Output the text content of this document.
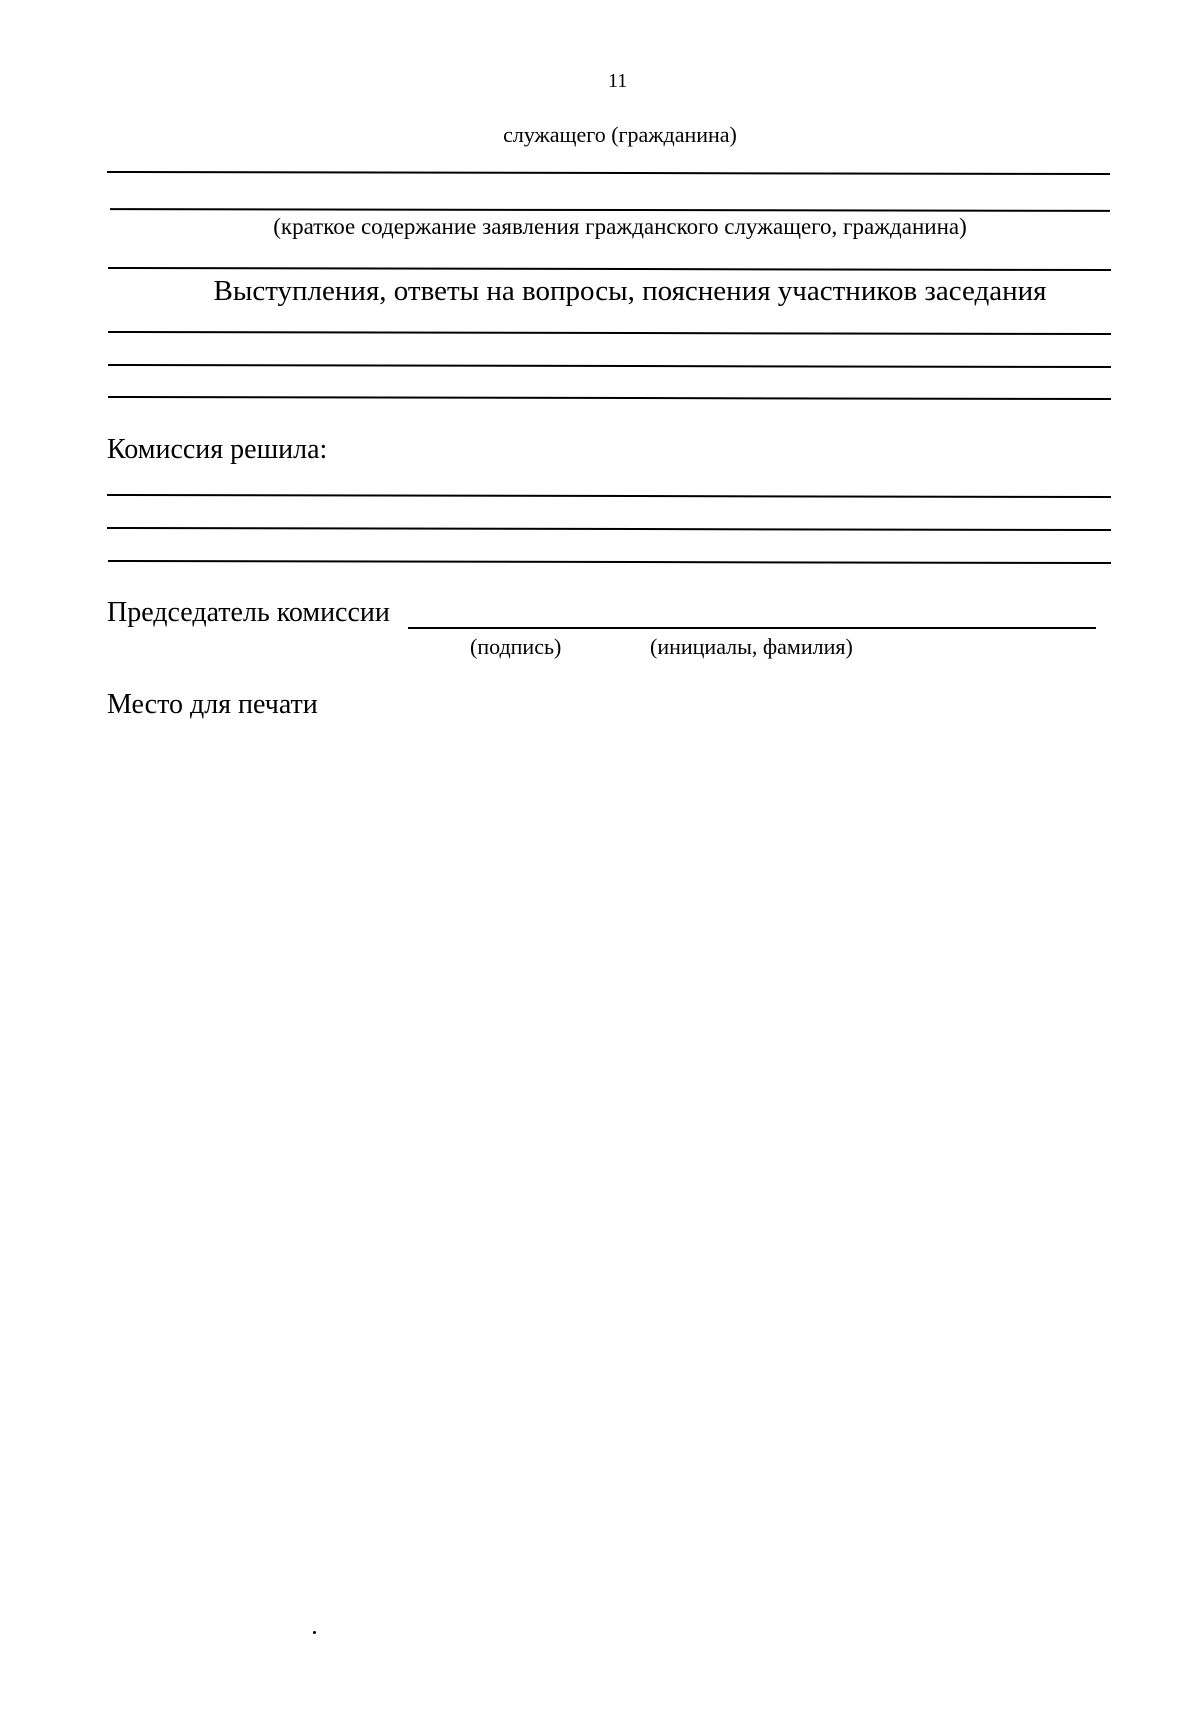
11
служащего (гражданина)
(краткое содержание заявления гражданского служащего, гражданина)
Выступления, ответы на вопросы, пояснения участников заседания
Комиссия решила:
Председатель комиссии
(подпись)	(инициалы, фамилия)
Место для печати
